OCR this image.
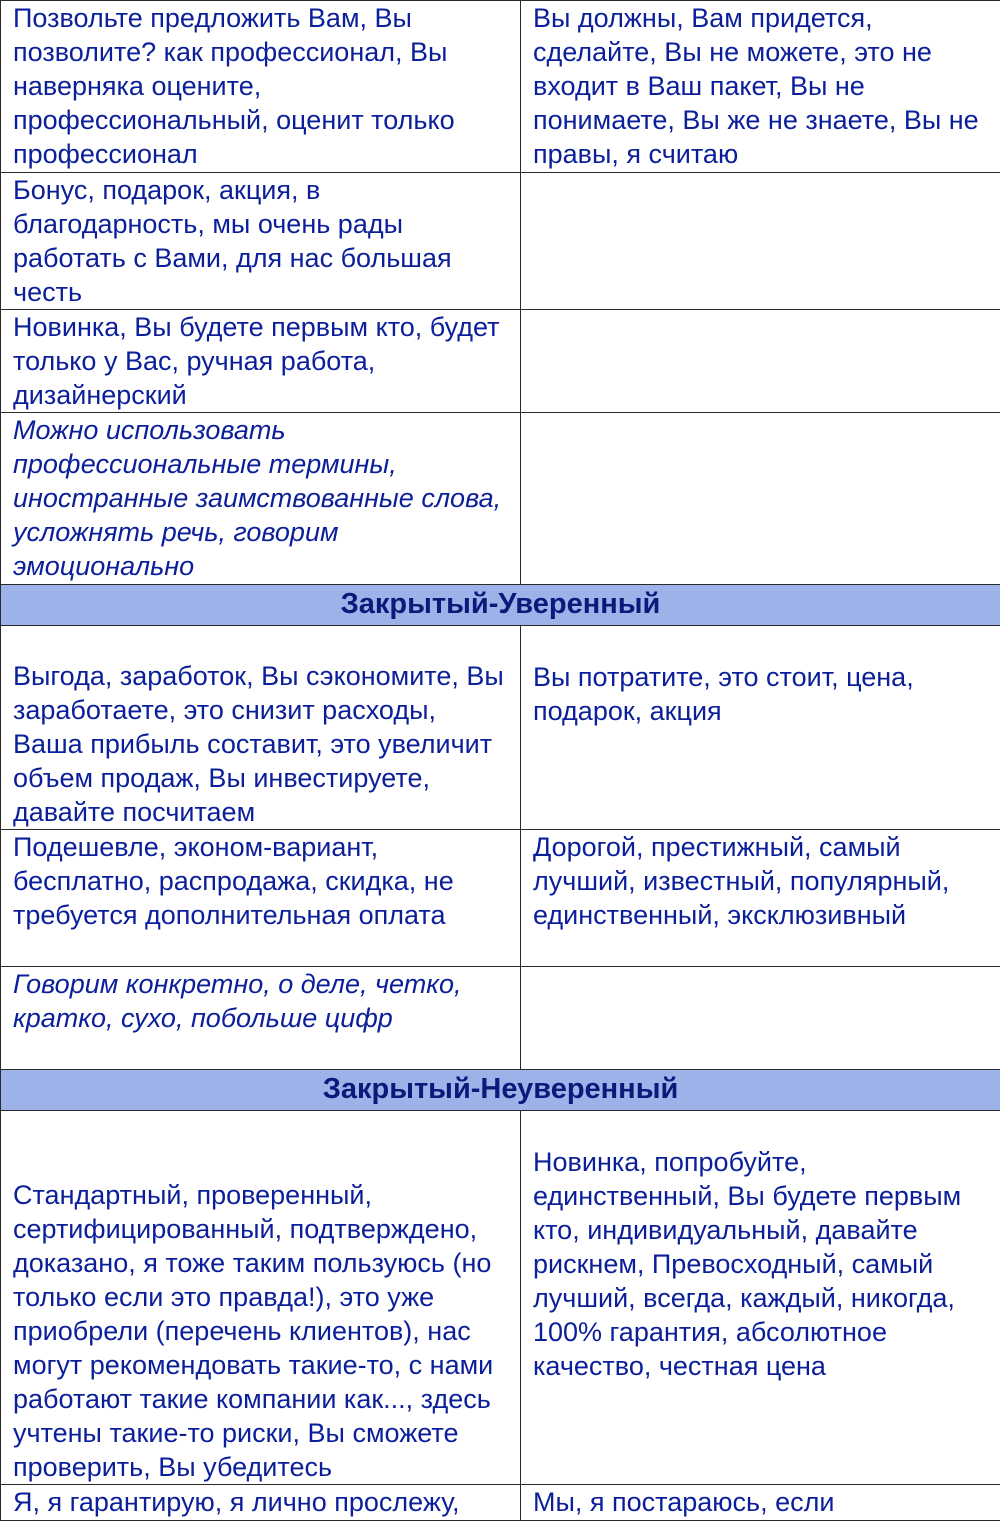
Позвольте предложить Вам, Вы позволите? как профессионал, Вы наверняка оцените, профессиональный, оценит только профессионал	Вы должны, Вам придется, сделайте, Вы не можете, это не входит в Ваш пакет, Вы не понимаете, Вы же не знаете, Вы не правы, я считаю

Бонус, подарок, акция, в благодарность, мы очень рады работать с Вами, для нас большая честь	

Новинка, Вы будете первым кто, будет только у Вас, ручная работа, дизайнерский	

Можно использовать профессиональные термины, иностранные заимствованные слова, усложнять речь, говорим эмоционально	

Закрытый-Уверенный	

Выгода, заработок, Вы сэкономите, Вы заработаете, это снизит расходы, Ваша прибыль составит, это увеличит объем продаж, Вы инвестируете, давайте посчитаем	Вы потратите, это стоит, цена, подарок, акция

Подешевле, эконом-вариант, бесплатно, распродажа, скидка, не требуется дополнительная оплата	Дорогой, престижный, самый лучший, известный, популярный, единственный, эксклюзивный

Говорим конкретно, о деле, четко, кратко, сухо, побольше цифр	

Закрытый-Неуверенный	

Стандартный, проверенный, сертифицированный, подтверждено, доказано, я тоже таким пользуюсь (но только если это правда!), это уже приобрели (перечень клиентов), нас могут рекомендовать такие-то, с нами работают такие компании как..., здесь учтены такие-то риски, Вы сможете проверить, Вы убедитесь	Новинка, попробуйте, единственный, Вы будете первым кто, индивидуальный, давайте рискнем, Превосходный, самый лучший, всегда, каждый, никогда, 100% гарантия, абсолютное качество, честная цена

Я, я гарантирую, я лично прослежу,	Мы, я постараюсь, если
